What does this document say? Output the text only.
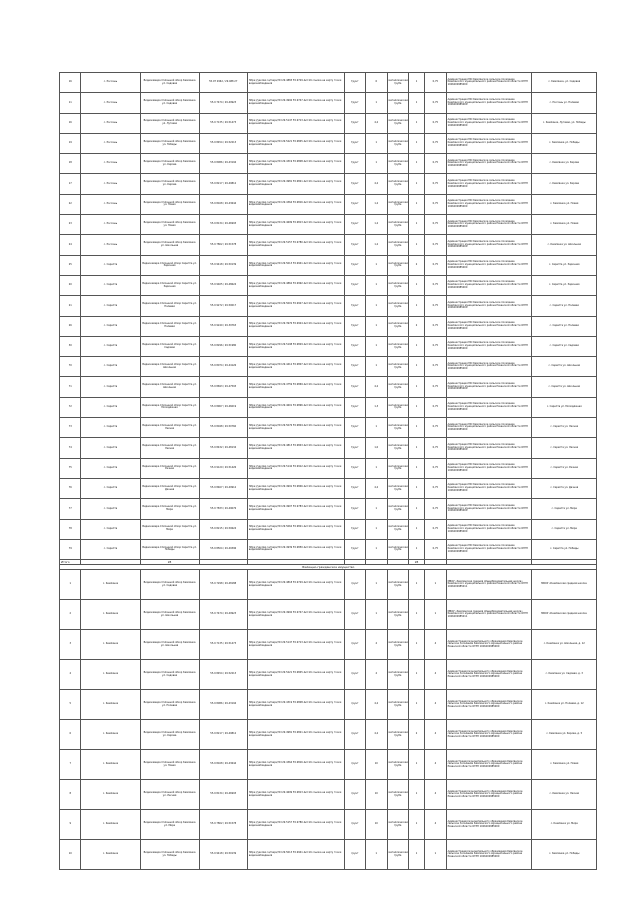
16	с. Россошь	Видеокамера Сплошной обзор Кемлянка ул. Садовая	55.97 2962 / 29.488 27	https://yandex.ru/maps/?ll=29.4883 55.9729 &z=16 ссылка на карту точки видеонаблюдения	Грунт	6	металлическая труба	1	0,75	Администрация МО Кемлянское сельское поселение Кемлянского муниципального района Рязанской области ОГРН 1026200985000	с. Кемлянка, ул. Садовая
11	с. Россошь	Видеокамера Сплошной обзор Кемлянка ул. Садовая	55.9 7474 / 29.49923	https://yandex.ru/maps/?ll=29.4992 55.9747 &z=16 ссылка на карту точки видеонаблюдения	Грунт	1	металлическая труба	1	0,75	Администрация МО Кемлянское сельское поселение Кемлянского муниципального района Рязанской области ОГРН 1026200985000	с. Россошь ул. Полевая
16	с. Россошь	Видеокамера Сплошной обзор Кемлянка ул. Луговая	55.9 7135 / 29.51473	https://yandex.ru/maps/?ll=29.5147 55.9713 &z=16 ссылка на карту точки видеонаблюдения	Грунт	4,2	металлическая труба	1	0,75	Администрация МО Кемлянское сельское поселение Кемлянского муниципального района Рязанской области ОГРН 1026200985000	с. Кемлянка, Луговая, ул. Победы
19	с. Россошь	Видеокамера Сплошной обзор Кемлянка ул. Победы	55.9 8454 / 29.52213	https://yandex.ru/maps/?ll=29.5221 55.9845 &z=16 ссылка на карту точки видеонаблюдения	Грунт	1	металлическая труба	1	0,75	Администрация МО Кемлянское сельское поселение Кемлянского муниципального района Рязанской области ОГРН 1026200985000	с. Кемлянка ул. Победы
18	с. Россошь	Видеокамера Сплошной обзор Кемлянка ул. Кирова	55.9 8086 / 29.43194	https://yandex.ru/maps/?ll=29.4319 55.9808 &z=16 ссылка на карту точки видеонаблюдения	Грунт	1	металлическая труба	1	0,75	Администрация МО Кемлянское сельское поселение Кемлянского муниципального района Рязанской области ОГРН 1026200985000	с. Кемлянка ул. Кирова
17	с. Россошь	Видеокамера Сплошной обзор Кемлянка ул. Кирова	55.9 8217 / 29.49812	https://yandex.ru/maps/?ll=29.4981 55.9821 &z=16 ссылка на карту точки видеонаблюдения	Грунт	4,2	металлическая труба	1	0,75	Администрация МО Кемлянское сельское поселение Кемлянского муниципального района Рязанской области ОГРН 1026200985000	с. Кемлянка ул. Кирова
22	с. Россошь	Видеокамера Сплошной обзор Кемлянка ул. Новая	55.9 8168 / 29.43644	https://yandex.ru/maps/?ll=29.4364 55.9816 &z=16 ссылка на карту точки видеонаблюдения	Грунт	1,2	металлическая труба	1	0,75	Администрация МО Кемлянское сельское поселение Кемлянского муниципального района Рязанской области ОГРН 1026200985000	с. Кемлянка ул. Новая
23	с. Россошь	Видеокамера Сплошной обзор Кемлянка ул. Новая	55.9 8134 / 29.46993	https://yandex.ru/maps/?ll=29.4699 55.9813 &z=16 ссылка на карту точки видеонаблюдения	Грунт	1,2	металлическая труба	1	0,75	Администрация МО Кемлянское сельское поселение Кемлянского муниципального района Рязанской области ОГРН 1026200985000	с. Кемлянка ул. Новая
24	с. Россошь	Видеокамера Сплошной обзор Кемлянка ул. Школьная	55.9 7802 / 29.51578	https://yandex.ru/maps/?ll=29.5157 55.9780 &z=16 ссылка на карту точки видеонаблюдения	Грунт	1,2	металлическая труба	1	0,75	Администрация МО Кемлянское сельское поселение Кемлянского муниципального района Рязанской области ОГРН 1026200985000	с. Кемлянка ул. Школьная
25	с. Сарепта	Видеокамера Сплошной обзор Сарепта ул. Заречная	55.9 9418 / 29.50139	https://yandex.ru/maps/?ll=29.5013 55.9941 &z=16 ссылка на карту точки видеонаблюдения	Грунт	1	металлическая труба	2	0,75	Администрация МО Кемлянское сельское поселение Кемлянского муниципального района Рязанской области ОГРН 1026200985000	с. Сарепта ул. Заречная
20	с. Сарепта	Видеокамера Сплошной обзор Сарепта ул. Заречная	55.9 9925 / 29.48624	https://yandex.ru/maps/?ll=29.4862 55.9992 &z=16 ссылка на карту точки видеонаблюдения	Грунт	1	металлическая труба	1	0,75	Администрация МО Кемлянское сельское поселение Кемлянского муниципального района Рязанской области ОГРН 1026200985000	с. Сарепта ул. Заречная
21	с. Сарепта	Видеокамера Сплошной обзор Сарепта ул. Полевая	55.9 9272 / 29.50017	https://yandex.ru/maps/?ll=29.5001 55.9927 &z=16 ссылка на карту точки видеонаблюдения	Грунт	1	металлическая труба	1	0,75	Администрация МО Кемлянское сельское поселение Кемлянского муниципального района Рязанской области ОГРН 1026200985000	с. Сарепта ул. Полевая
26	с. Сарепта	Видеокамера Сплошной обзор Сарепта ул. Полевая	55.9 9240 / 29.39763	https://yandex.ru/maps/?ll=29.3976 55.9924 &z=16 ссылка на карту точки видеонаблюдения	Грунт	1	металлическая труба	2	0,75	Администрация МО Кемлянское сельское поселение Кемлянского муниципального района Рязанской области ОГРН 1026200985000	с. Сарепта ул. Полевая
30	с. Сарепта	Видеокамера Сплошной обзор Сарепта ул. Садовая	55.9 8296 / 29.51980	https://yandex.ru/maps/?ll=29.5198 55.9829 &z=16 ссылка на карту точки видеонаблюдения	Грунт	1	металлическая труба	1	0,75	Администрация МО Кемлянское сельское поселение Кемлянского муниципального района Рязанской области ОГРН 1026200985000	с. Сарепта ул. Садовая
70	с. Сарепта	Видеокамера Сплошной обзор Сарепта ул. Школьная	55.9 8074 / 29.44126	https://yandex.ru/maps/?ll=29.4412 55.9807 &z=16 ссылка на карту точки видеонаблюдения	Грунт	1	металлическая труба	1	0,75	Администрация МО Кемлянское сельское поселение Кемлянского муниципального района Рязанской области ОГРН 1026200985000	с. Сарепта ул. Школьная
71	с. Сарепта	Видеокамера Сплошной обзор Сарепта ул. Школьная	55.9 8693 / 29.47593	https://yandex.ru/maps/?ll=29.4759 55.9869 &z=16 ссылка на карту точки видеонаблюдения	Грунт	4,2	металлическая труба	1	0,75	Администрация МО Кемлянское сельское поселение Кемлянского муниципального района Рязанской области ОГРН 1026200985000	с. Сарепта ул. Школьная
72	с. Сарепта	Видеокамера Сплошной обзор Сарепта ул. Молодёжная	55.9 8967 / 29.46019	https://yandex.ru/maps/?ll=29.4601 55.9896 &z=16 ссылка на карту точки видеонаблюдения	Грунт	1,3	металлическая труба	1	0,75	Администрация МО Кемлянское сельское поселение Кемлянского муниципального района Рязанской области ОГРН 1026200985000	с. Сарепта ул. Молодёжная
73	с. Сарепта	Видеокамера Сплошной обзор Сарепта ул. Лесная	55.9 8048 / 29.50760	https://yandex.ru/maps/?ll=29.5076 55.9804 &z=16 ссылка на карту точки видеонаблюдения	Грунт	1	металлическая труба	1	0,75	Администрация МО Кемлянское сельское поселение Кемлянского муниципального района Рязанской области ОГРН 1026200985000	с. Сарепта ул. Лесная
74	с. Сарепта	Видеокамера Сплошной обзор Сарепта ул. Лесная	55.9 8432 / 29.48134	https://yandex.ru/maps/?ll=29.4813 55.9843 &z=16 ссылка на карту точки видеонаблюдения	Грунт	1,0	металлическая труба	1	0,75	Администрация МО Кемлянское сельское поселение Кемлянского муниципального района Рязанской области ОГРН 1026200985000	с. Сарепта ул. Лесная
75	с. Сарепта	Видеокамера Сплошной обзор Сарепта ул. Речная	55.9 9120 / 29.51426	https://yandex.ru/maps/?ll=29.5142 55.9912 &z=16 ссылка на карту точки видеонаблюдения	Грунт	1	металлическая труба	1	0,75	Администрация МО Кемлянское сельское поселение Кемлянского муниципального района Рязанской области ОГРН 1026200985000	с. Сарепта ул. Речная
76	с. Сарепта	Видеокамера Сплошной обзор Сарепта ул. Дачная	55.9 8467 / 29.49912	https://yandex.ru/maps/?ll=29.4991 55.9846 &z=16 ссылка на карту точки видеонаблюдения	Грунт	4,2	металлическая труба	1	0,75	Администрация МО Кемлянское сельское поселение Кемлянского муниципального района Рязанской области ОГРН 1026200985000	с. Сарепта ул. Дачная
77	с. Сарепта	Видеокамера Сплошной обзор Сарепта ул. Мира	55.9 7833 / 29.49076	https://yandex.ru/maps/?ll=29.4907 55.9783 &z=16 ссылка на карту точки видеонаблюдения	Грунт	1	металлическая труба	1	0,75	Администрация МО Кемлянское сельское поселение Кемлянского муниципального района Рязанской области ОГРН 1026200985000	с. Сарепта ул. Мира
78	с. Сарепта	Видеокамера Сплошной обзор Сарепта ул. Мира	55.9 8215 / 29.50624	https://yandex.ru/maps/?ll=29.5062 55.9821 &z=16 ссылка на карту точки видеонаблюдения	Грунт	1	металлическая труба	1	0,75	Администрация МО Кемлянское сельское поселение Кемлянского муниципального района Рязанской области ОГРН 1026200985000	с. Сарепта ул. Мира
79	с. Сарепта	Видеокамера Сплошной обзор Сарепта ул. Победы	55.9 8504 / 29.49396	https://yandex.ru/maps/?ll=29.4939 55.9850 &z=16 ссылка на карту точки видеонаблюдения	Грунт	1	металлическая труба	1	0,75	Администрация МО Кемлянское сельское поселение Кемлянского муниципального района Рязанской области ОГРН 1026200985000	с. Сарепта ул. Победы
Итого		28						28			
Жилищно-гражданское имущество											
1	с. Кемлянка	Видеокамера Сплошной обзор Кемлянка ул. Садовая	55.9 7298 / 29.48188	https://yandex.ru/maps/?ll=29.4818 55.9729 &z=16 ссылка на карту точки видеонаблюдения	грунт	1	металлическая труба	1	1	МБОУ «Кемлянская средняя общеобразовательная школа» Кемлянского муниципального района Рязанской области ОГРН 1026200985011	МБОУ «Кемлянская средняя школа»
2	с. Кемлянка	Видеокамера Сплошной обзор Кемлянка ул. Школьная	55.9 7474 / 29.49923	https://yandex.ru/maps/?ll=29.4992 55.9747 &z=16 ссылка на карту точки видеонаблюдения	грунт	1	металлическая труба	1	1	МБОУ «Кемлянская средняя общеобразовательная школа» Кемлянского муниципального района Рязанской области ОГРН 1026200985011	МБОУ «Кемлянская средняя школа»
3	с. Кемлянка	Видеокамера Сплошной обзор Кемлянка ул. Школьная	55.9 7135 / 29.51473	https://yandex.ru/maps/?ll=29.5147 55.9713 &z=16 ссылка на карту точки видеонаблюдения	грунт	4	металлическая труба	1	4	Администрация муниципального образования Кемлянское сельское поселение Кемлянского муниципального района Рязанской области ОГРН 1026200985000	с. Кемлянка ул. Школьная, д. 12
4	с. Кемлянка	Видеокамера Сплошной обзор Кемлянка ул. Садовая	55.9 8454 / 29.52213	https://yandex.ru/maps/?ll=29.5221 55.9845 &z=16 ссылка на карту точки видеонаблюдения	грунт	4	металлическая труба	1	4	Администрация муниципального образования Кемлянское сельское поселение Кемлянского муниципального района Рязанской области ОГРН 1026200985000	с. Кемлянка ул. Садовая, д. 3
5	с. Кемлянка	Видеокамера Сплошной обзор Кемлянка ул. Полевая	55.9 8086 / 29.43194	https://yandex.ru/maps/?ll=29.4319 55.9808 &z=16 ссылка на карту точки видеонаблюдения	грунт	4,2	металлическая труба	1	4	Администрация муниципального образования Кемлянское сельское поселение Кемлянского муниципального района Рязанской области ОГРН 1026200985000	с. Кемлянка ул. Полевая, д. 12
6	с. Кемлянка	Видеокамера Сплошной обзор Кемлянка ул. Кирова	55.9 8217 / 29.49812	https://yandex.ru/maps/?ll=29.4981 55.9821 &z=16 ссылка на карту точки видеонаблюдения	грунт	4,2	металлическая труба	2	4	Администрация муниципального образования Кемлянское сельское поселение Кемлянского муниципального района Рязанской области ОГРН 1026200985000	с. Кемлянка ул. Кирова, д. 5
7	с. Кемлянка	Видеокамера Сплошной обзор Кемлянка ул. Новая	55.9 8168 / 29.43644	https://yandex.ru/maps/?ll=29.4364 55.9816 &z=16 ссылка на карту точки видеонаблюдения	грунт	10	металлическая труба	1	4	Администрация муниципального образования Кемлянское сельское поселение Кемлянского муниципального района Рязанской области ОГРН 1026200985000	с. Кемлянка ул. Новая
8	с. Кемлянка	Видеокамера Сплошной обзор Кемлянка ул. Лесная	55.9 8134 / 29.46993	https://yandex.ru/maps/?ll=29.4699 55.9813 &z=16 ссылка на карту точки видеонаблюдения	грунт	10	металлическая труба	1	4	Администрация муниципального образования Кемлянское сельское поселение Кемлянского муниципального района Рязанской области ОГРН 1026200985000	с. Кемлянка ул. Лесная
9	с. Кемлянка	Видеокамера Сплошной обзор Кемлянка ул. Мира	55.9 7802 / 29.51578	https://yandex.ru/maps/?ll=29.5157 55.9780 &z=16 ссылка на карту точки видеонаблюдения	грунт	10	металлическая труба	1	4	Администрация муниципального образования Кемлянское сельское поселение Кемлянского муниципального района Рязанской области ОГРН 1026200985000	с. Кемлянка ул. Мира
10	с. Кемлянка	Видеокамера Сплошной обзор Кемлянка ул. Победы	55.9 9418 / 29.50139	https://yandex.ru/maps/?ll=29.5013 55.9941 &z=16 ссылка на карту точки видеонаблюдения	грунт	1	металлическая труба	1	1	Администрация муниципального образования Кемлянское сельское поселение Кемлянского муниципального района Рязанской области ОГРН 1026200985000	с. Кемлянка ул. Победы
